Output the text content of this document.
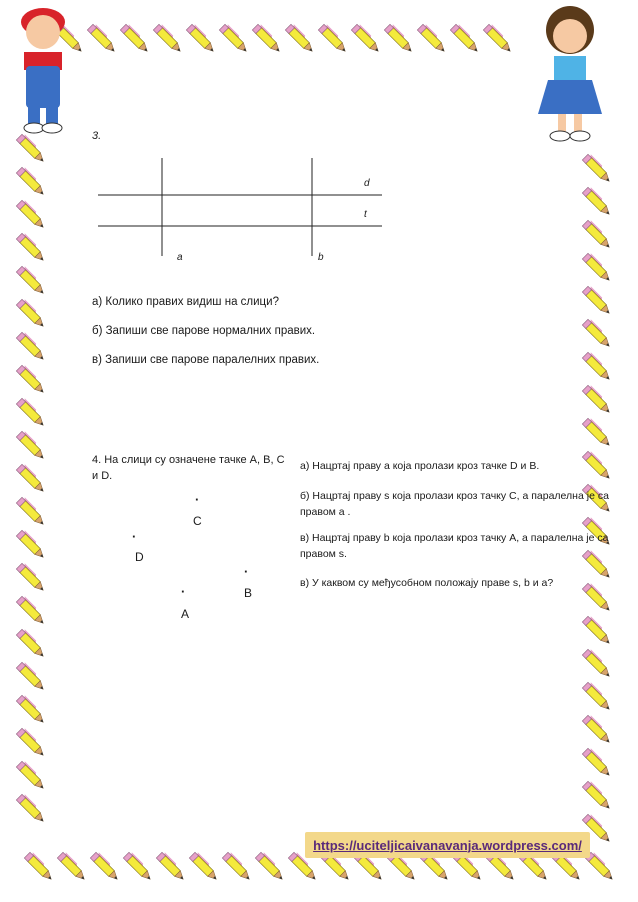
3.
d
t
a	b
а) Колико правих видиш на слици?
б) Запиши све парове нормалних правих.
в) Запиши све парове паралелних правих.
4. На слици су означене тачке A, B, C и D.
·
C
·
D
·
B
·
A
а) Нацртај праву a која пролази кроз тачке D и B.
б) Нацртај праву s која пролази кроз тачку C, а паралелна је са правом a .
в) Нацртај праву b која пролази кроз тачку A, а паралелна је са правом s.
в) У каквом су међусобном положају праве s, b и a?
https://uciteljicaivanavanja.wordpress.com/
